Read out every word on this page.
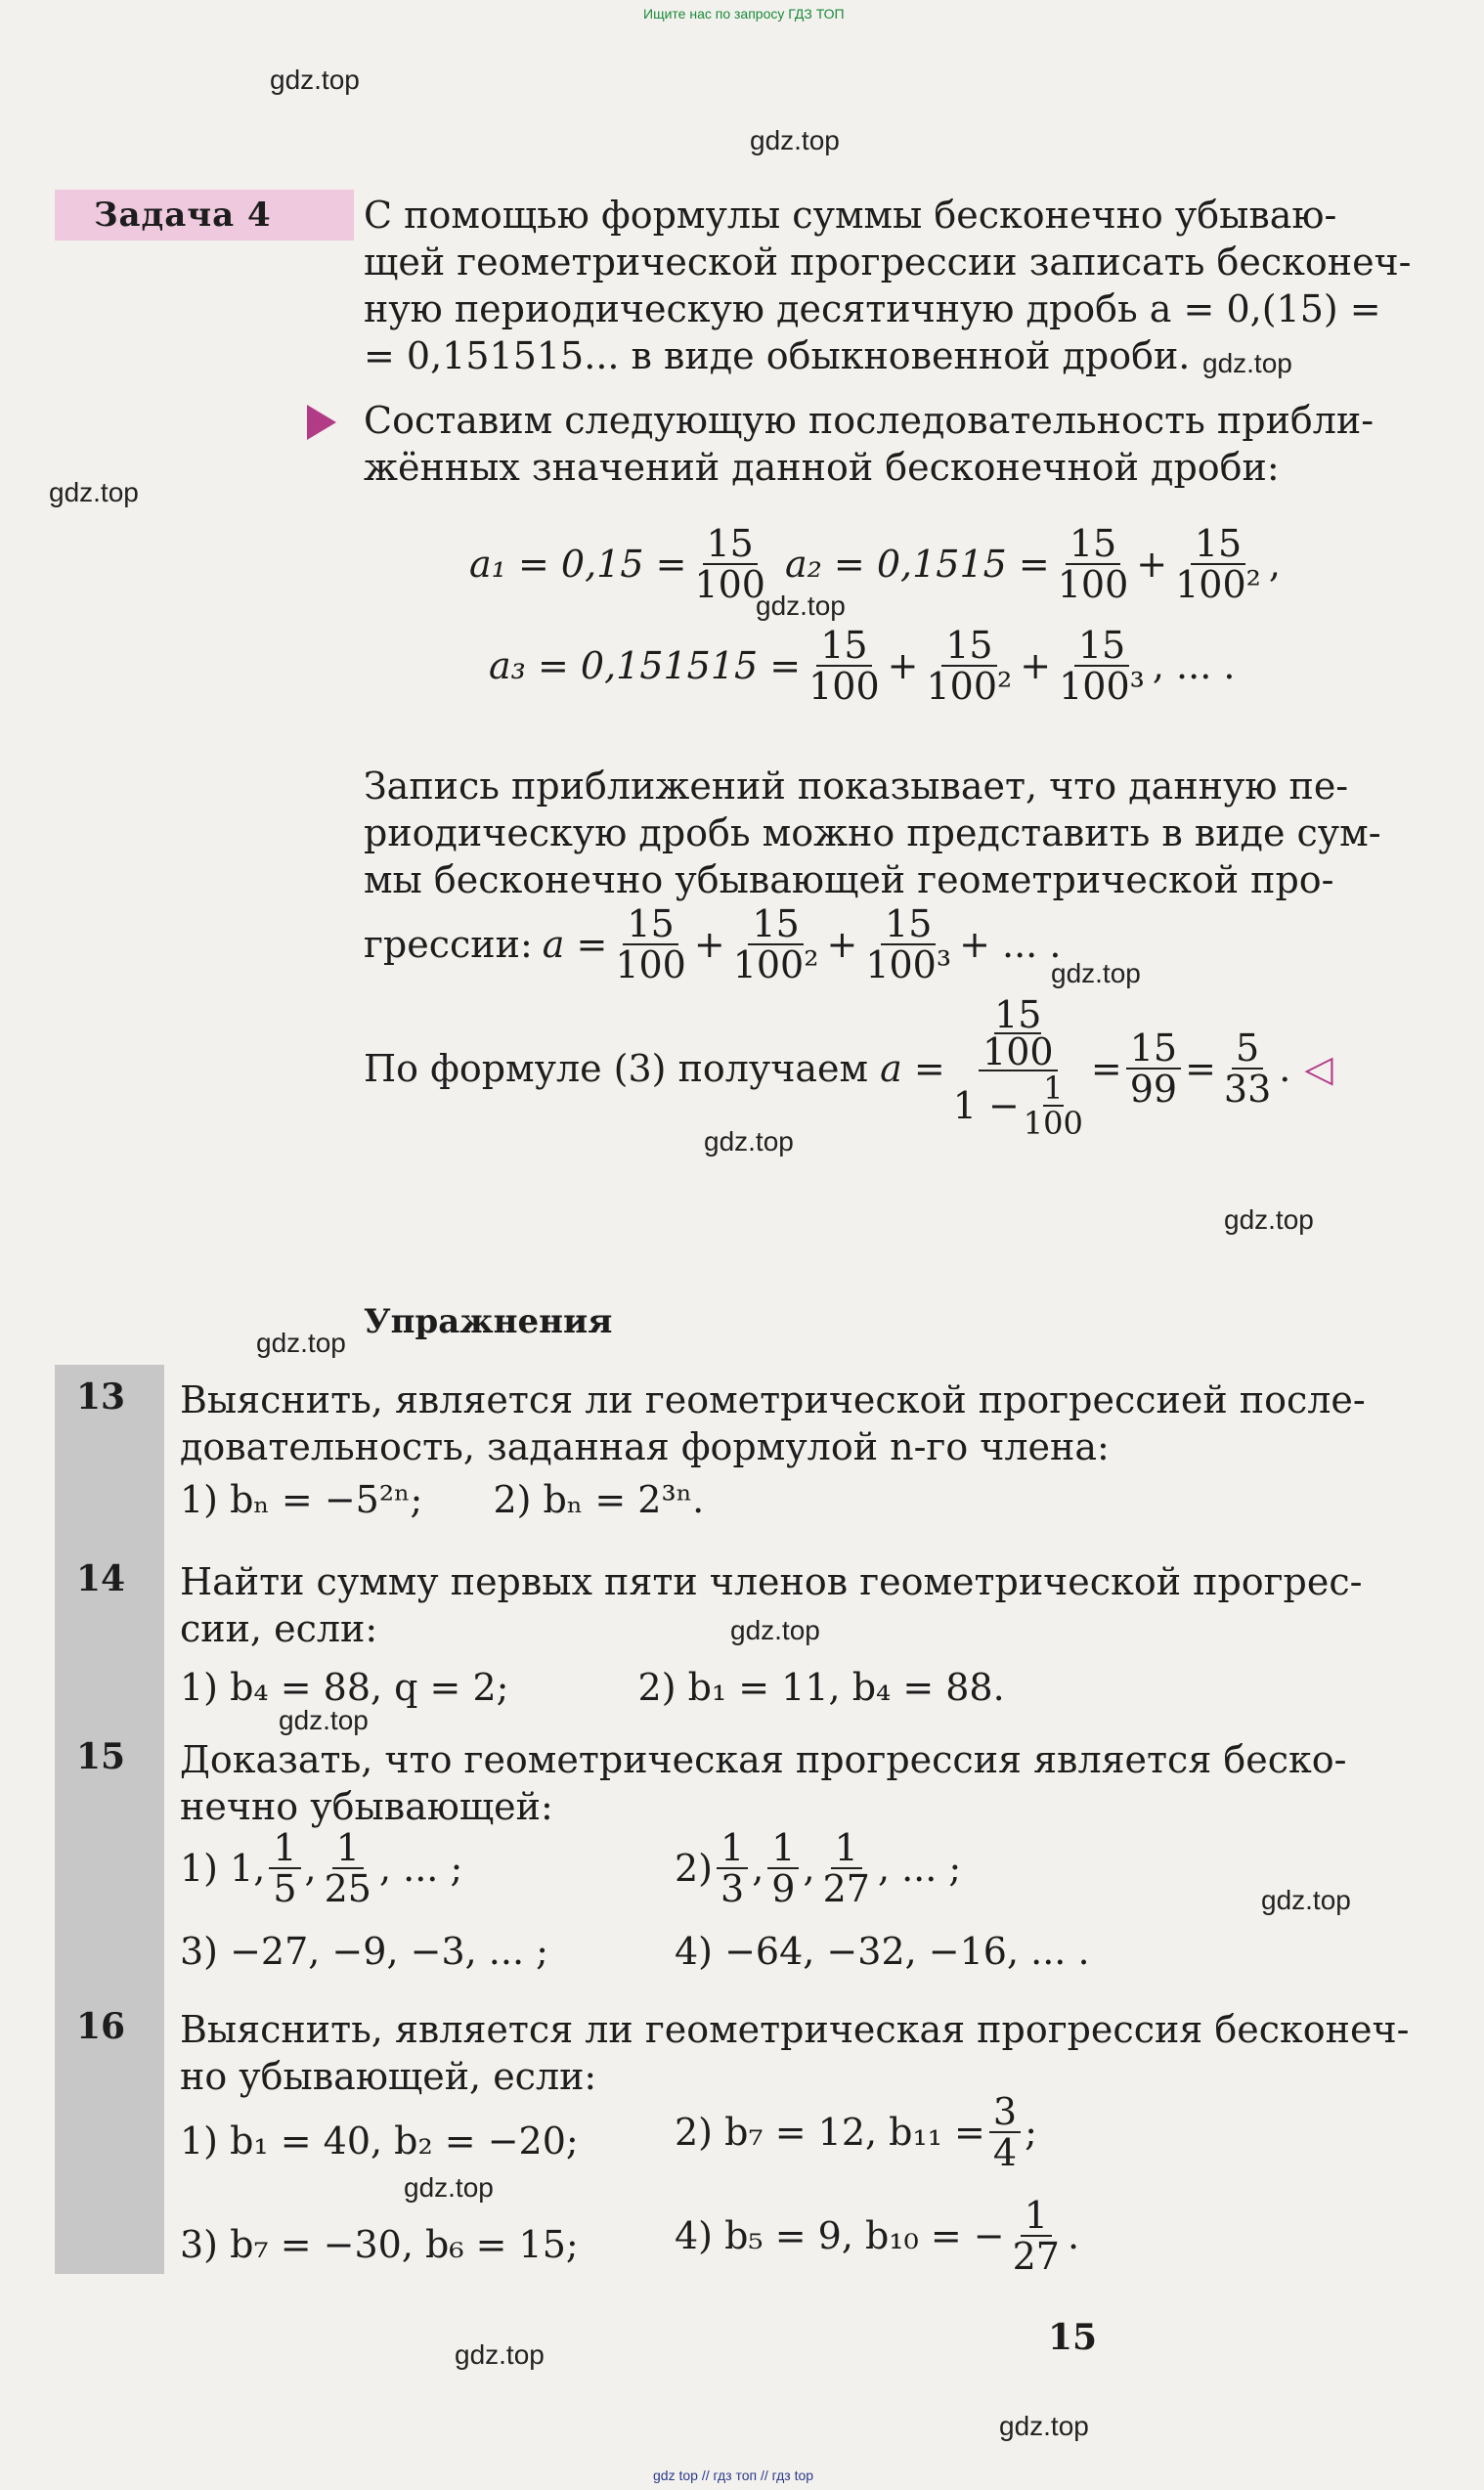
Ищите нас по запросу ГДЗ ТОП
gdz top // гдз топ // гдз top

gdz.top
gdz.top
gdz.top
gdz.top
gdz.top
gdz.top
gdz.top
gdz.top
gdz.top
gdz.top
gdz.top
gdz.top
gdz.top
gdz.top
gdz.top
Задача 4	С помощью формулы суммы бесконечно убываю-
щей геометрической прогрессии записать бесконеч-
ную периодическую десятичную дробь a = 0,(15) =
= 0,151515... в виде обыкновенной дроби.
Составим следующую последовательность прибли-
жённых значений данной бесконечной дроби:
$a_1 = 0,15 = \frac{15}{100} a_2 = 0,1515 = \frac{15}{100} + \frac{15}{\text{100²}}$ ,
$a_3 = 0,151515 = \frac{15}{100} + \frac{15}{\text{100²}} + \frac{15}{\text{100³}}$ , ... .
Запись приближений показывает, что данную пе-
риодическую дробь можно представить в виде сум-
мы бесконечно убывающей геометрической про-
грессии: $a = \frac{15}{100} + \frac{15}{\text{100²}} + \frac{15}{\text{100³}}$ + ... .
По формуле (3) получаем a = 15
100
$1 - \frac{1}{100} = \frac{15}{99} = \frac{5}{33}$ . ◁
Упражнения
13 Выяснить, является ли геометрической прогрессией после-
довательность, заданная формулой n-го члена:
1) bₙ = −5²ⁿ; 2) bₙ = 2³ⁿ.
14 Найти сумму первых пяти членов геометрической прогрес-
сии, если:
1) b₄ = 88, q = 2;	2) b₁ = 11, b₄ = 88.
15 Доказать, что геометрическая прогрессия является беско-
нечно убывающей:
1) 1, $\frac{1}{5}$ , $\frac{1}{25}$ , ... ;	$2) \frac{1}{3}$ , $\frac{1}{9}$ , $\frac{1}{27}$ , ... ;
3) −27, −9, −3, ... ;	4) −64, −32, −16, ... .
16 Выяснить, является ли геометрическая прогрессия бесконеч-
но убывающей, если:
1) b₁ = 40, b₂ = −20;	2) b₇ = 12, $b_{11} = \frac{3}{4}$ ;
3) b₇ = −30, b₆ = 15;	4) b₅ = 9, b₁₀ = − $\frac{1}{27}$ .
15
